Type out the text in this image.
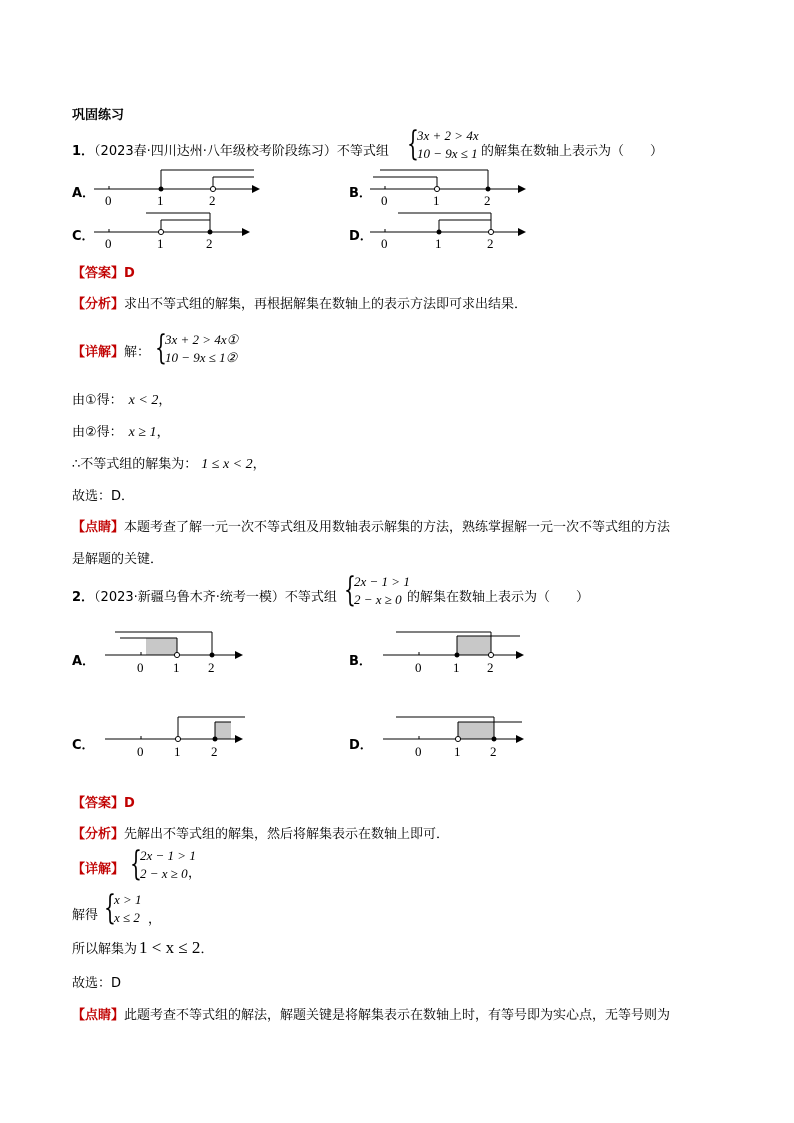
巩固练习
1．（2023春·四川达州·八年级校考阶段练习）不等式组 {
3x + 2 > 4x
10 − 9x ≤ 1 的解集在数轴上表示为（　　）
A． 0	1	2	B． 0	1	2
C． 0	1	2	D． 0	1	2
【答案】D
【分析】求出不等式组的解集，再根据解集在数轴上的表示方法即可求出结果．
【详解】解： {
3x + 2 > 4x①
10 − 9x ≤ 1②
由①得： x < 2，
由②得： x ≥ 1，
∴不等式组的解集为： 1 ≤ x < 2，
故选：D．
【点睛】本题考查了解一元一次不等式组及用数轴表示解集的方法，熟练掌握解一元一次不等式组的方法
是解题的关键．
2．（2023·新疆乌鲁木齐·统考一模）不等式组 {
2x − 1 > 1
2 − x ≥ 0 的解集在数轴上表示为（　　）
A．	0 1 2	B．	0 1 2
C．	0 1 2	D．	0	1 2
【答案】D
【分析】先解出不等式组的解集，然后将解集表示在数轴上即可．
【详解】 {
2x − 1 > 1
2 − x ≥ 0 ，
解得 {
x > 1
x ≤ 2 ，
所以解集为 1 < x ≤ 2．
故选：D
【点睛】此题考查不等式组的解法，解题关键是将解集表示在数轴上时，有等号即为实心点，无等号则为
